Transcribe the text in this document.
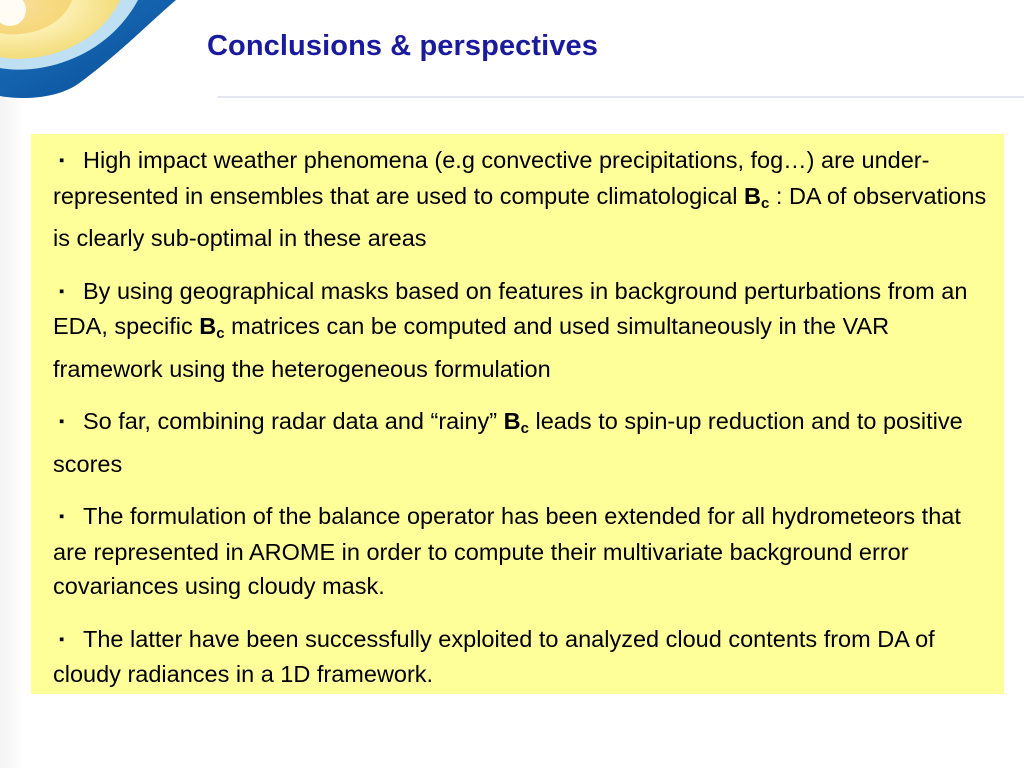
Conclusions & perspectives
▪ High impact weather phenomena (e.g convective precipitations, fog…) are under-represented in ensembles that are used to compute climatological $B_c$ : DA of observations is clearly sub-optimal in these areas
▪ By using geographical masks based on features in background perturbations from an EDA, specific $B_c$ matrices can be computed and used simultaneously in the VAR framework using the heterogeneous formulation
▪ So far, combining radar data and “rainy” $B_c$ leads to spin-up reduction and to positive scores
▪ The formulation of the balance operator has been extended for all hydrometeors that are represented in AROME in order to compute their multivariate background error covariances using cloudy mask.
▪ The latter have been successfully exploited to analyzed cloud contents from DA of cloudy radiances in a 1D framework.
